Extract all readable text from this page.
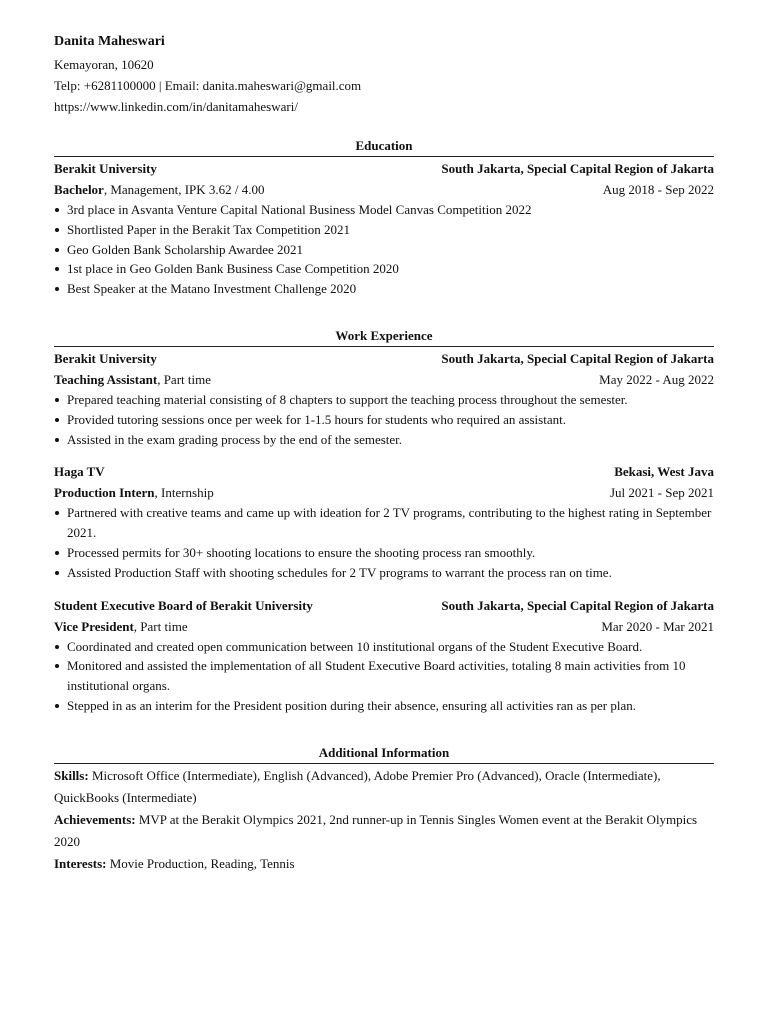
Danita Maheswari
Kemayoran, 10620
Telp: +6281100000 | Email: danita.maheswari@gmail.com
https://www.linkedin.com/in/danitamaheswari/
Education
Berakit University	South Jakarta, Special Capital Region of Jakarta
Bachelor, Management, IPK 3.62 / 4.00	Aug 2018 - Sep 2022
3rd place in Asvanta Venture Capital National Business Model Canvas Competition 2022
Shortlisted Paper in the Berakit Tax Competition 2021
Geo Golden Bank Scholarship Awardee 2021
1st place in Geo Golden Bank Business Case Competition 2020
Best Speaker at the Matano Investment Challenge 2020
Work Experience
Berakit University	South Jakarta, Special Capital Region of Jakarta
Teaching Assistant, Part time	May 2022 - Aug 2022
Prepared teaching material consisting of 8 chapters to support the teaching process throughout the semester.
Provided tutoring sessions once per week for 1-1.5 hours for students who required an assistant.
Assisted in the exam grading process by the end of the semester.
Haga TV	Bekasi, West Java
Production Intern, Internship	Jul 2021 - Sep 2021
Partnered with creative teams and came up with ideation for 2 TV programs, contributing to the highest rating in September 2021.
Processed permits for 30+ shooting locations to ensure the shooting process ran smoothly.
Assisted Production Staff with shooting schedules for 2 TV programs to warrant the process ran on time.
Student Executive Board of Berakit University	South Jakarta, Special Capital Region of Jakarta
Vice President, Part time	Mar 2020 - Mar 2021
Coordinated and created open communication between 10 institutional organs of the Student Executive Board.
Monitored and assisted the implementation of all Student Executive Board activities, totaling 8 main activities from 10 institutional organs.
Stepped in as an interim for the President position during their absence, ensuring all activities ran as per plan.
Additional Information
Skills: Microsoft Office (Intermediate), English (Advanced), Adobe Premier Pro (Advanced), Oracle (Intermediate), QuickBooks (Intermediate)
Achievements: MVP at the Berakit Olympics 2021, 2nd runner-up in Tennis Singles Women event at the Berakit Olympics 2020
Interests: Movie Production, Reading, Tennis
